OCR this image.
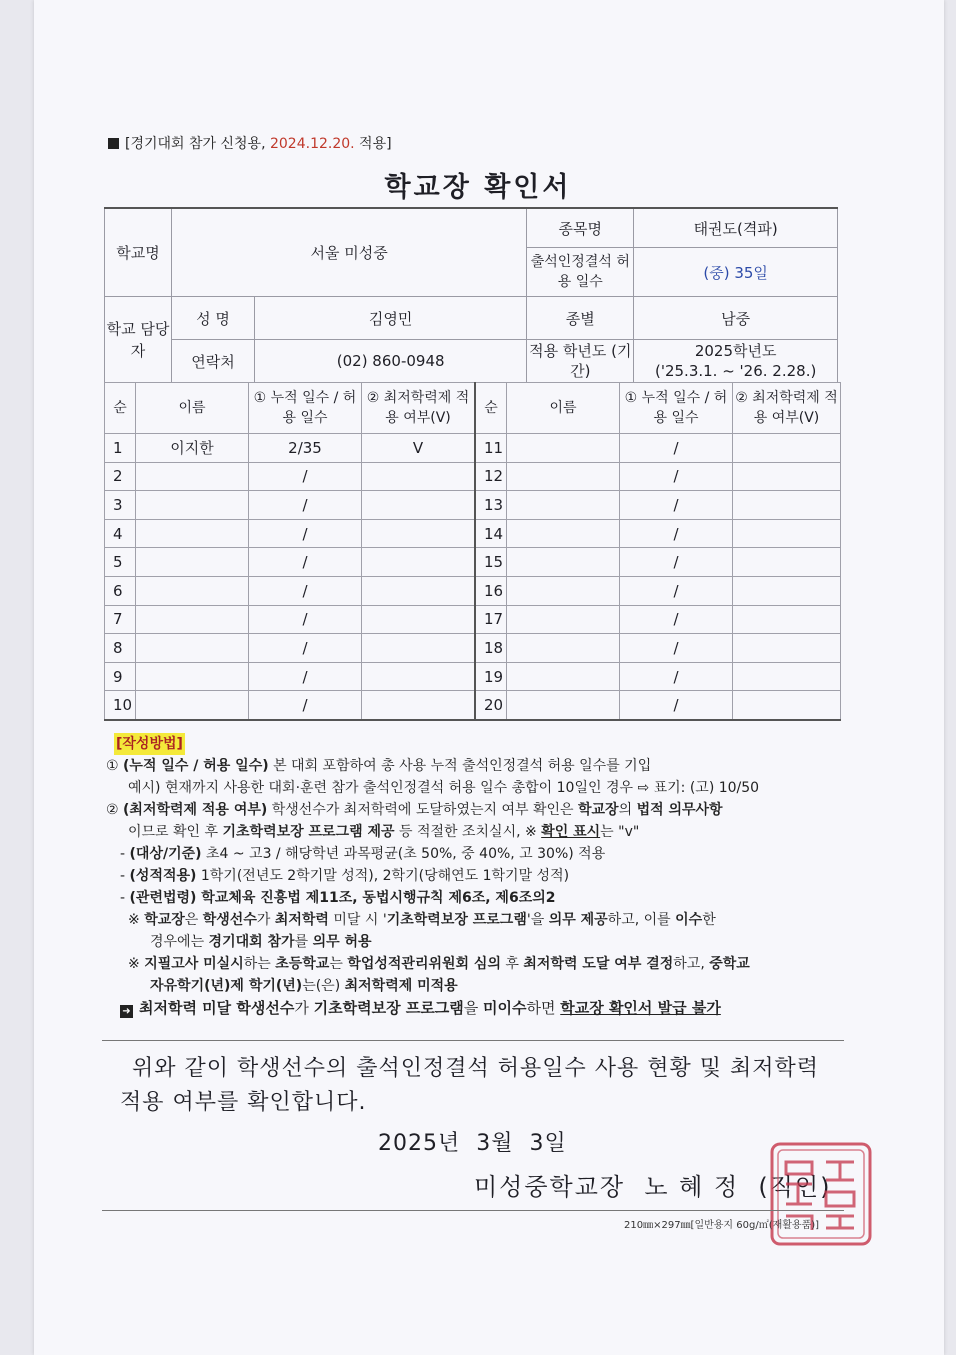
[경기대회 참가 신청용, 2024.12.20. 적용]
학교장 확인서
학교명	서울 미성중		종목명	태권도(격파)
			출석인정결석 허용 일수	(중) 35일
학교 담당자	성 명	김영민	종별	남중
	연락처	(02) 860-0948	적용 학년도 (기간)	2025학년도
('25.3.1. ~ '26. 2.28.)
순	이름	① 누적 일수 / 허용 일수	② 최저학력제 적용 여부(V)	순	이름	① 누적 일수 / 허용 일수	② 최저학력제 적용 여부(V)
1	이지한	2/35	V	11		/	
2		/		12		/	
3		/		13		/	
4		/		14		/	
5		/		15		/	
6		/		16		/	
7		/		17		/	
8		/		18		/	
9		/		19		/	
10		/		20		/	
[작성방법]

① (누적 일수 / 허용 일수) 본 대회 포함하여 총 사용 누적 출석인정결석 허용 일수를 기입

예시) 현재까지 사용한 대회·훈련 참가 출석인정결석 허용 일수 총합이 10일인 경우 ⇨ 표기: (고) 10/50

② (최저학력제 적용 여부) 학생선수가 최저학력에 도달하였는지 여부 확인은 학교장의 법적 의무사항

이므로 확인 후 기초학력보장 프로그램 제공 등 적절한 조치실시, ※ 확인 표시는 "v"

- (대상/기준) 초4 ~ 고3 / 해당학년 과목평균(초 50%, 중 40%, 고 30%) 적용

- (성적적용) 1학기(전년도 2학기말 성적), 2학기(당해연도 1학기말 성적)

- (관련법령) 학교체육 진흥법 제11조, 동법시행규칙 제6조, 제6조의2

※ 학교장은 학생선수가 최저학력 미달 시 '기초학력보장 프로그램'을 의무 제공하고, 이를 이수한

경우에는 경기대회 참가를 의무 허용

※ 지필고사 미실시하는 초등학교는 학업성적관리위원회 심의 후 최저학력 도달 여부 결정하고, 중학교

자유학기(년)제 학기(년)는(은) 최저학력제 미적용

➜ 최저학력 미달 학생선수가 기초학력보장 프로그램을 미이수하면 학교장 확인서 발급 불가

위와 같이 학생선수의 출석인정결석 허용일수 사용 현황 및 최저학력
적용 여부를 확인합니다.
2025년  3월  3일
미성중학교장  노 혜 정  (직인)
210㎜×297㎜[일반용지 60g/㎡(재활용품)]
